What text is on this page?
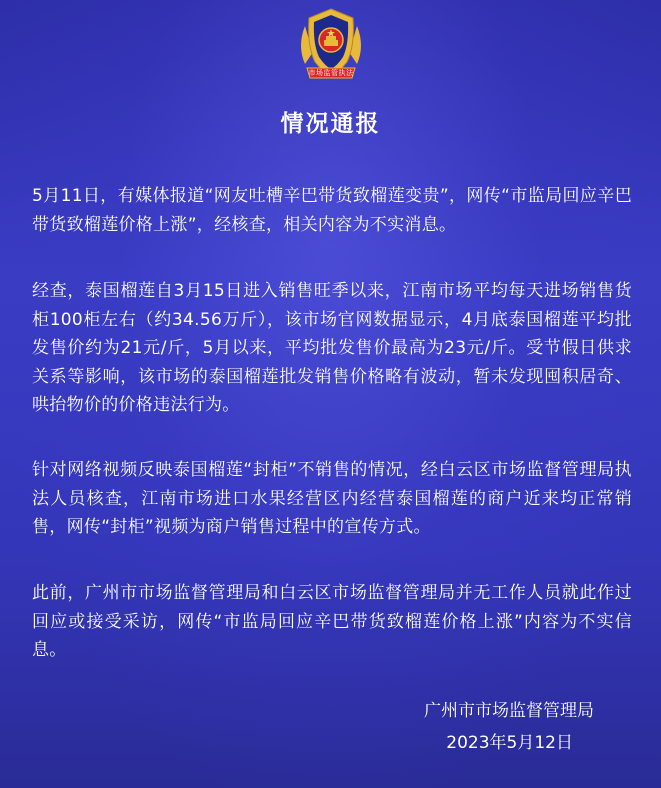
市场监管执法
情况通报

5月11日，有媒体报道“网友吐槽辛巴带货致榴莲变贵”，网传“市监局回应辛巴带货致榴莲价格上涨”，经核查，相关内容为不实消息。

经查，泰国榴莲自3月15日进入销售旺季以来，江南市场平均每天进场销售货柜100柜左右（约34.56万斤），该市场官网数据显示，4月底泰国榴莲平均批发售价约为21元/斤，5月以来，平均批发售价最高为23元/斤。受节假日供求关系等影响，该市场的泰国榴莲批发销售价格略有波动，暂未发现囤积居奇、哄抬物价的价格违法行为。

针对网络视频反映泰国榴莲“封柜”不销售的情况，经白云区市场监督管理局执法人员核查，江南市场进口水果经营区内经营泰国榴莲的商户近来均正常销售，网传“封柜”视频为商户销售过程中的宣传方式。

此前，广州市市场监督管理局和白云区市场监督管理局并无工作人员就此作过回应或接受采访，网传“市监局回应辛巴带货致榴莲价格上涨”内容为不实信息。

广州市市场监督管理局
2023年5月12日
